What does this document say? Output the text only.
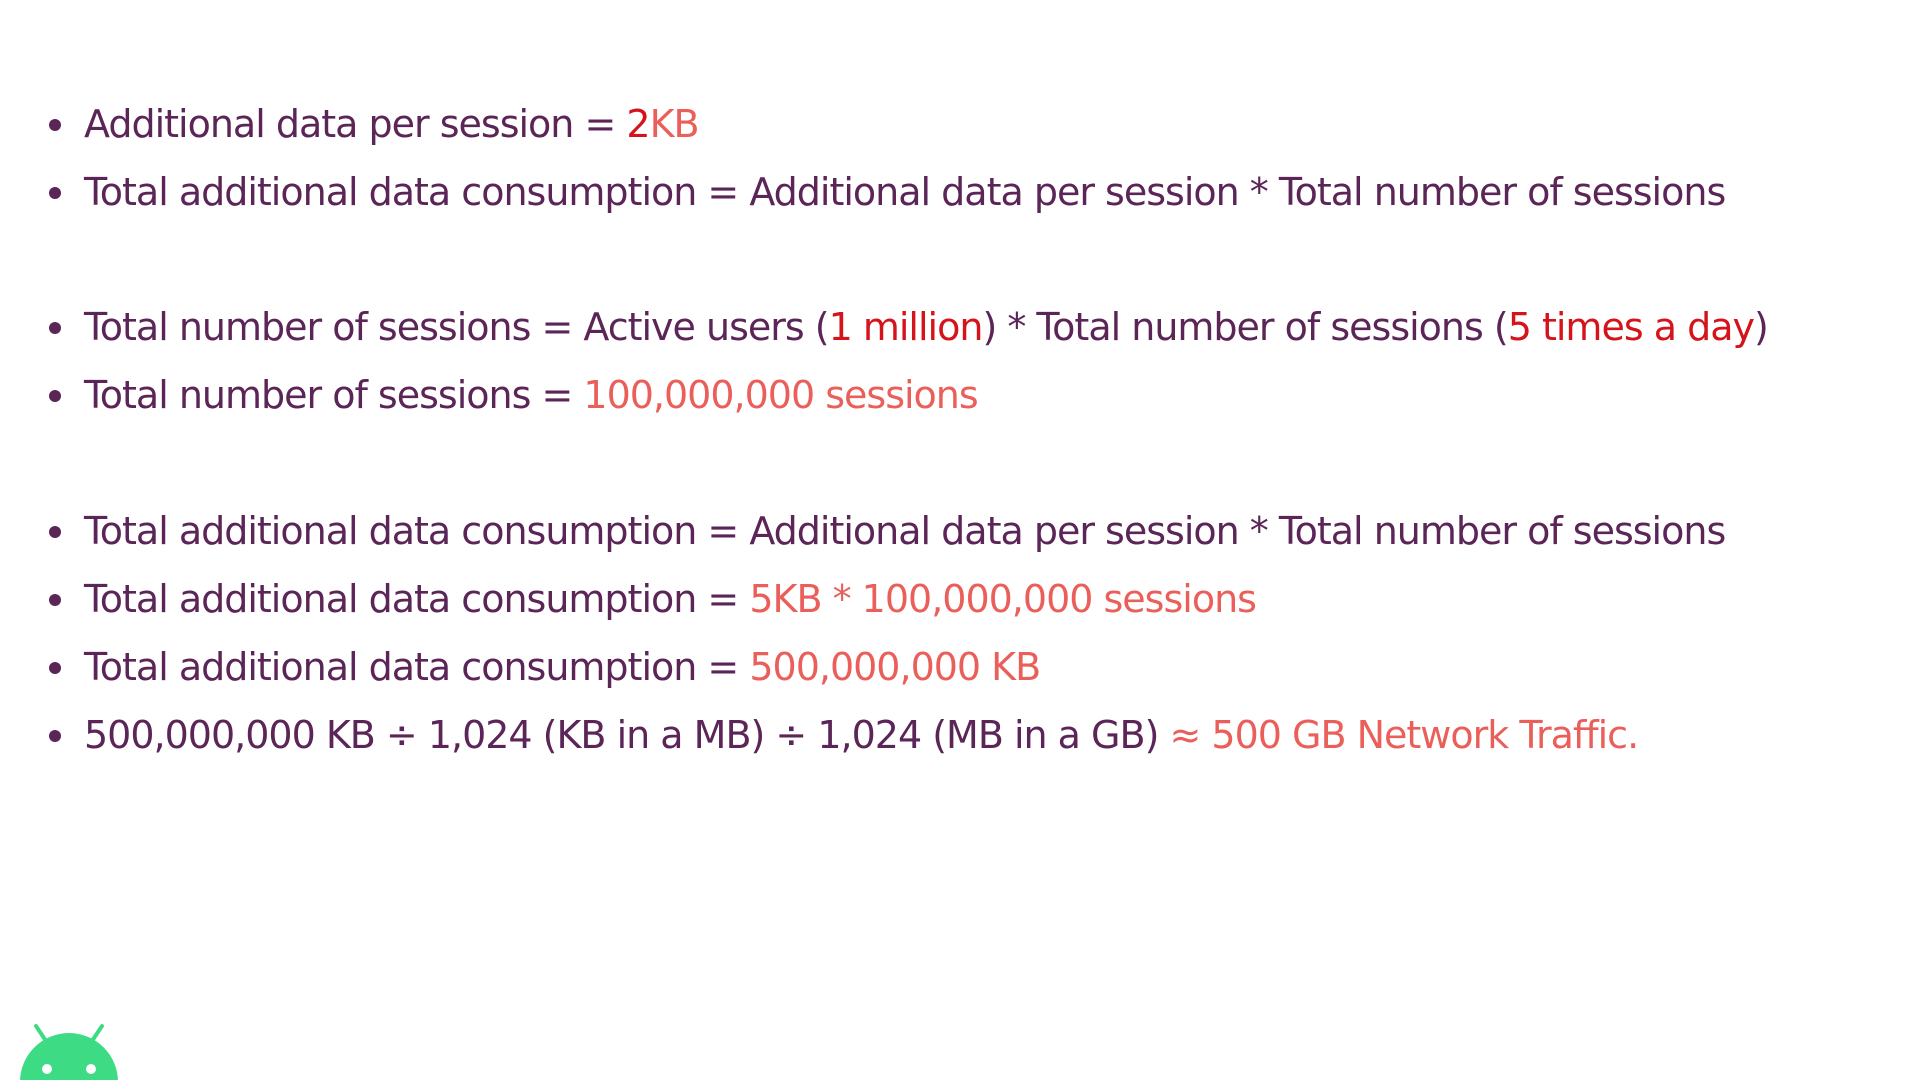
Additional data per session = 2KB
Total additional data consumption = Additional data per session * Total number of sessions
Total number of sessions = Active users (1 million) * Total number of sessions (5 times a day)
Total number of sessions = 100,000,000 sessions
Total additional data consumption = Additional data per session * Total number of sessions
Total additional data consumption = 5KB * 100,000,000 sessions
Total additional data consumption = 500,000,000 KB
500,000,000 KB ÷ 1,024 (KB in a MB) ÷ 1,024 (MB in a GB) ≈ 500 GB Network Traffic.
